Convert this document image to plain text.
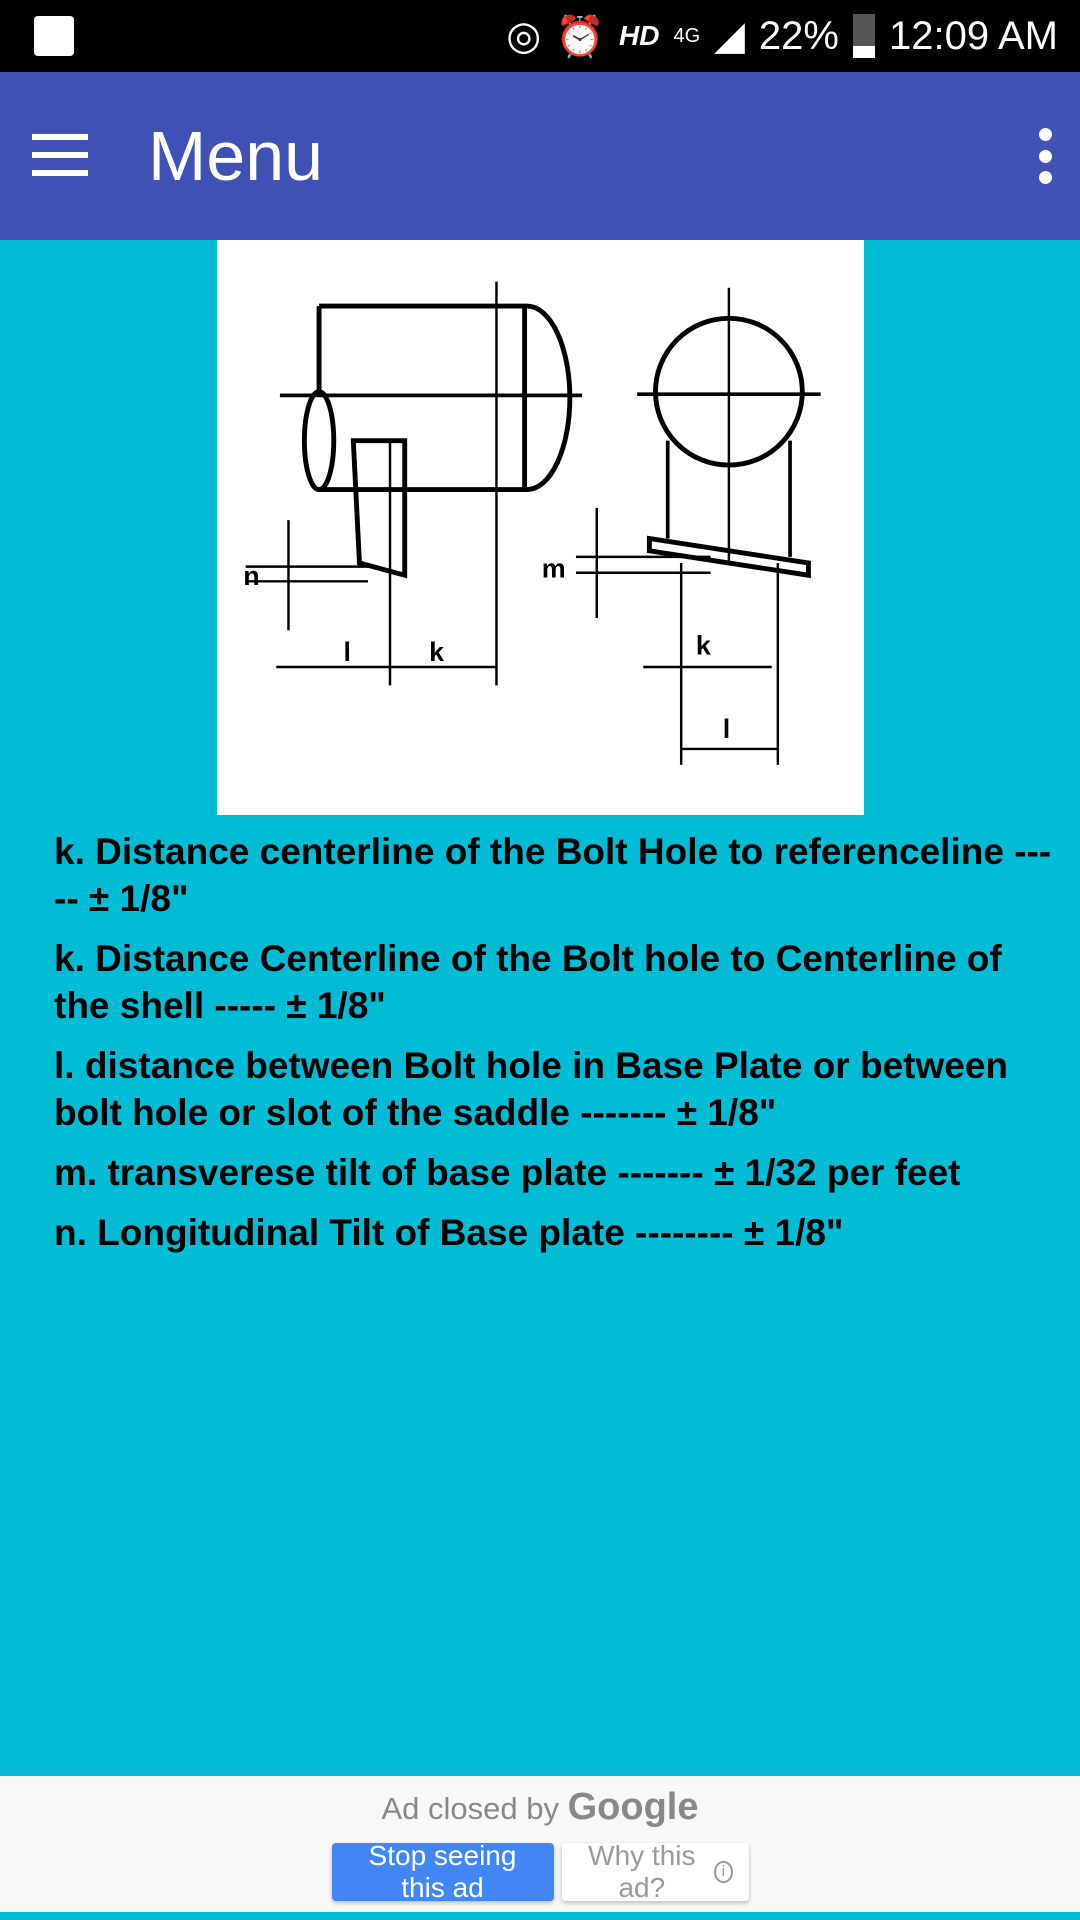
◎ ⏰ HD 4G ◢ 22% 12:09 AM
Menu
n
l	k
m
k
l

k. Distance centerline of the Bolt Hole to referenceline ----- ± 1/8"

k. Distance Centerline of the Bolt hole to Centerline of the shell ----- ± 1/8"

l. distance between Bolt hole in Base Plate or between bolt hole or slot of the saddle ------- ± 1/8"

m. transverese tilt of base plate ------- ± 1/32 per feet

n. Longitudinal Tilt of Base plate -------- ± 1/8"

Ad closed by Google
Stop seeing this ad
Why this ad?
i
